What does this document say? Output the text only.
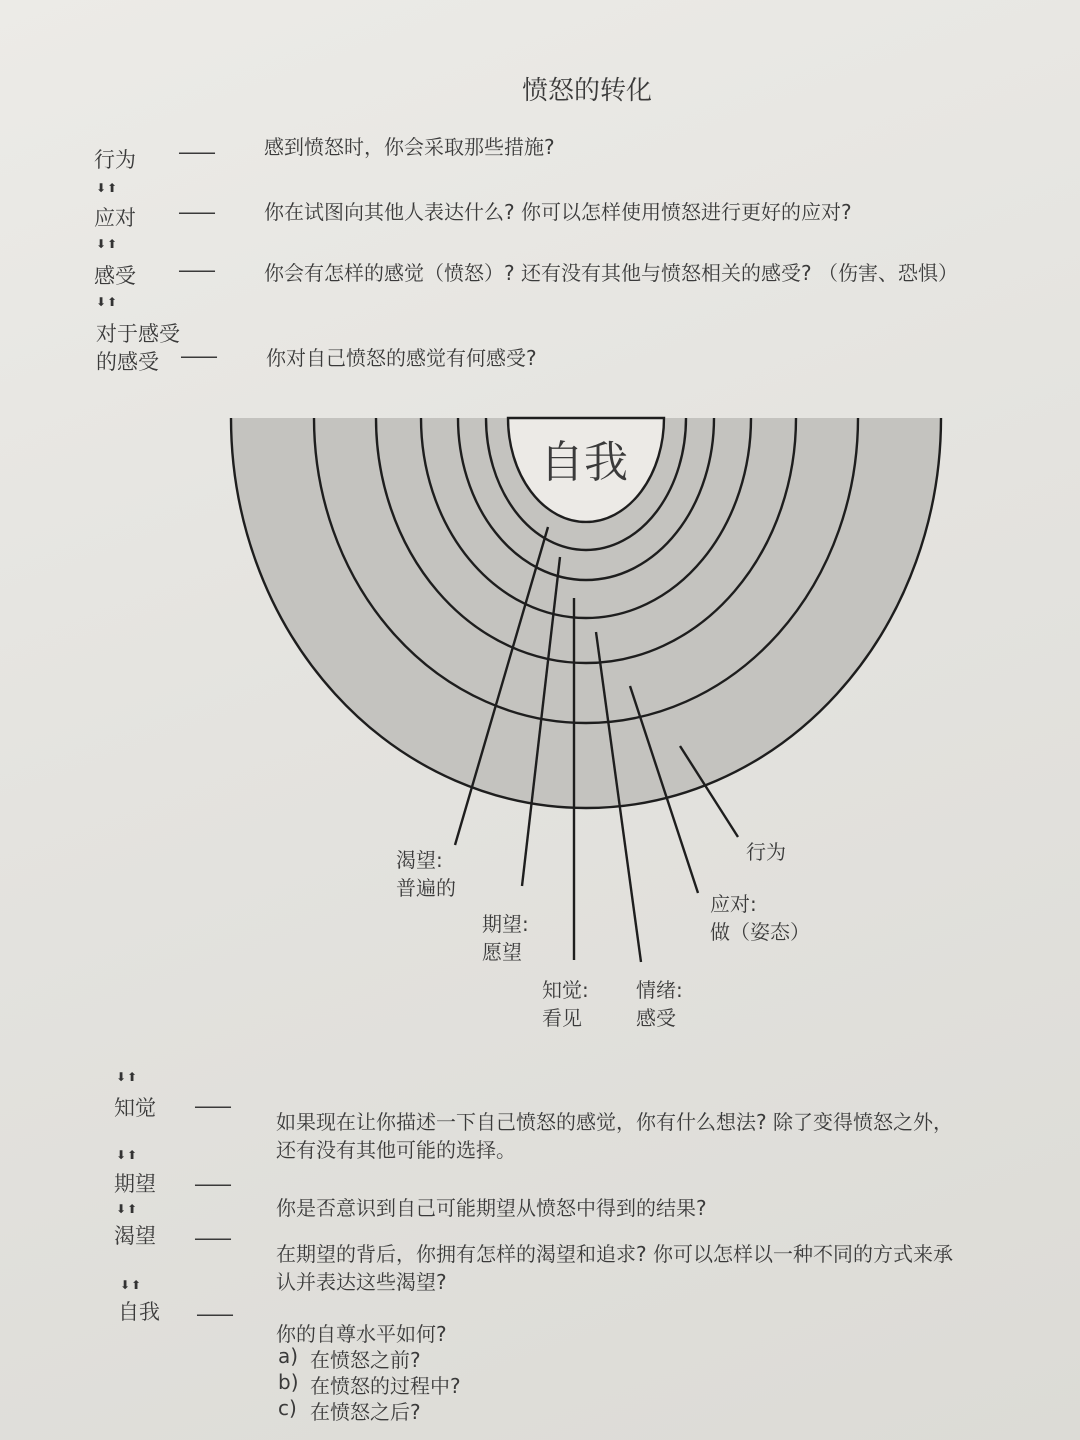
愤怒的转化
行为 ——	感到愤怒时，你会采取那些措施?
⬇⬆
应对 ——	你在试图向其他人表达什么? 你可以怎样使用愤怒进行更好的应对?
⬇⬆
感受 ——	你会有怎样的感觉（愤怒）? 还有没有其他与愤怒相关的感受? （伤害、恐惧）
⬇⬆
对于感受
的感受 ——	你对自己愤怒的感觉有何感受?
自我
渴望:
普遍的
期望:
愿望
知觉:
看见
情绪:
感受
应对:
做（姿态）
行为
⬇⬆
知觉 ——
如果现在让你描述一下自己愤怒的感觉，你有什么想法? 除了变得愤怒之外，
还有没有其他可能的选择。
⬇⬆
期望 ——
你是否意识到自己可能期望从愤怒中得到的结果?
⬇⬆
渴望 ——
在期望的背后，你拥有怎样的渴望和追求? 你可以怎样以一种不同的方式来承
认并表达这些渴望?
⬇⬆
自我 ——
你的自尊水平如何?
a) 在愤怒之前?
b) 在愤怒的过程中?
c) 在愤怒之后?
